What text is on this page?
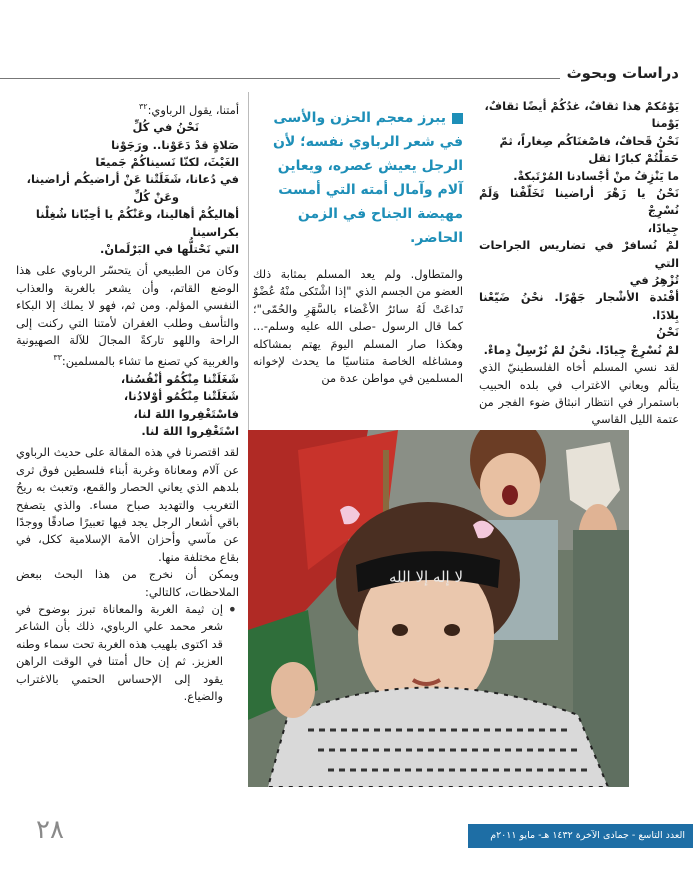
دراسات وبحوث

يَوْمُكمْ هذا ثقافٌ، غدُكُمْ أيضًا ثقافٌ،

يَوْمنا

نَحْنُ قَحافٌ، فاصْغنَاكُم صِغاراً، ثمّ

حَمَلْتُمْ كبارًا ثقل

ما يَنْزِفُ منْ أجْسادنا المُرْتَبكةْ.

نَحْنُ يا زَهْرَ أراضينا تَخَلّفْنا وَلَمْ نُسْرِجْ

جِيادًا،

لمْ نُسافرْ في تضاريس الجراحات التي

تُزْهِرُ في

أفْئدة الأشْجار جَهْرًا. نحْنُ ضَيّعْنا بِلادًا.

نَحْنُ

لمْ نُسْرِجْ جِيادًا. نحْنُ لمْ نُرْسِلْ دِماءْ.

لقد نسي المسلم أخاه الفلسطينيّ الذي يتألم ويعاني الاغتراب في بلده الحبيب باستمرار في انتظار انبثاق ضوء الفجر من عتمة الليل القاسي

يبرز معجم الحزن والأسى في شعر الرباوي نفسه؛ لأن الرجل يعيش عصره، ويعاين آلام وآمال أمته التي أمست مهيضة الجناح في الزمن الحاضر.

والمتطاول. ولم يعد المسلم بمثابة ذلك العضو من الجسم الذي "إذا اشْتَكى منْهُ عُضْوٌ تَداعَتْ لَهُ سائرُ الأعْضاء بالسَّهَرِ والحُمّى"؛ كما قال الرسول -صلى الله عليه وسلم-... وهكذا صار المسلم اليومَ يهتم بمشاكله ومشاغله الخاصة متناسيًا ما يحدث لإخوانه المسلمين في مواطن عدة من

أمتنا، يقول الرباوي:$^{٣٢}$

نَحْنُ في كُلِّ

صَلاةٍ قدْ دَعَوْنا.. ورَجَوْنا

الغَيْثَ، لكنّا نَسيناكُمْ جَميعًا

في دُعانا، شَغَلَتْنا عَنْ أراضيكُم أراضينا،

وعَنْ كُلِّ

أهاليكُمْ أهالينا، وعَنْكُمْ يا أحِبّانا شُغِلْنا

بكراسينا

التي نَحْتلُّها في البَرْلَمانْ.

وكان من الطبيعي أن يتحسّر الرباوي على هذا الوضع القاتم، وأن يشعر بالغربة والعذاب النفسي المؤلم. ومن ثم، فهو لا يملك إلا البكاء والتأسف وطلب الغفران لأمتنا التي ركنت إلى الراحة واللهو تاركةً المجالَ للآلة الصهيونية والغربية كي تصنع ما تشاء بالمسلمين:$^{٣٣}$

شَغَلَتْنا مِنْكُمُو أنْفُسُنا،

شَغَلَتْنا مِنْكُمُو أوْلادُنا،

فاسْتَغْفِروا اللهَ لنا،

اسْتَغْفِروا اللهَ لنا.

لقد اقتصرنا في هذه المقالة على حديث الرباوي عن آلام ومعاناة وغربة أبناء فلسطين فوق ثرى بلدهم الذي يعاني الحصار والقمع، وتعبث به ريحُ التغريب والتهديد صباح مساء. والذي يتصفح باقي أشعار الرجل يجد فيها تعبيرًا صادقًا ووجدًا عن مآسي وأحزان الأمة الإسلامية ككل، في بقاع مختلفة منها.

ويمكن أن نخرج من هذا البحث ببعض الملاحظات، كالتالي:

• إن ثيمة الغربة والمعاناة تبرز بوضوح في شعر محمد علي الرباوي، ذلك بأن الشاعر قد اكتوى بلهيب هذه الغربة تحت سماء وطنه العزيز. ثم إن حال أمتنا في الوقت الراهن يقود إلى الإحساس الحتمي بالاغتراب والضياع.
لا إله إلا الله
٢٨	العدد التاسع - جمادى الآخرة ١٤٣٢ هـ- مايو ٢٠١١م
